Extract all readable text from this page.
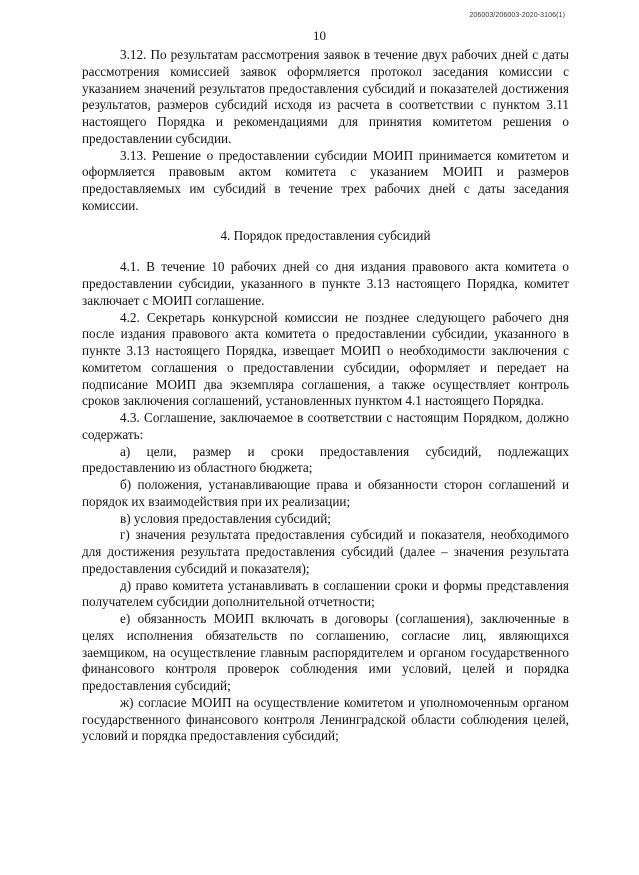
206003/206003-2020-3106(1)
10

3.12. По результатам рассмотрения заявок в течение двух рабочих дней с даты рассмотрения комиссией заявок оформляется протокол заседания комиссии с указанием значений результатов предоставления субсидий и показателей достижения результатов, размеров субсидий исходя из расчета в соответствии с пунктом 3.11 настоящего Порядка и рекомендациями для принятия комитетом решения о предоставлении субсидии.

3.13. Решение о предоставлении субсидии МОИП принимается комитетом и оформляется правовым актом комитета с указанием МОИП и размеров предоставляемых им субсидий в течение трех рабочих дней с даты заседания комиссии.

4. Порядок предоставления субсидий

4.1. В течение 10 рабочих дней со дня издания правового акта комитета о предоставлении субсидии, указанного в пункте 3.13 настоящего Порядка, комитет заключает с МОИП соглашение.

4.2. Секретарь конкурсной комиссии не позднее следующего рабочего дня после издания правового акта комитета о предоставлении субсидии, указанного в пункте 3.13 настоящего Порядка, извещает МОИП о необходимости заключения с комитетом соглашения о предоставлении субсидии, оформляет и передает на подписание МОИП два экземпляра соглашения, а также осуществляет контроль сроков заключения соглашений, установленных пунктом 4.1 настоящего Порядка.

4.3. Соглашение, заключаемое в соответствии с настоящим Порядком, должно содержать:

а) цели, размер и сроки предоставления субсидий, подлежащих предоставлению из областного бюджета;

б) положения, устанавливающие права и обязанности сторон соглашений и порядок их взаимодействия при их реализации;

в) условия предоставления субсидий;

г) значения результата предоставления субсидий и показателя, необходимого для достижения результата предоставления субсидий (далее – значения результата предоставления субсидий и показателя);

д) право комитета устанавливать в соглашении сроки и формы представления получателем субсидии дополнительной отчетности;

е) обязанность МОИП включать в договоры (соглашения), заключенные в целях исполнения обязательств по соглашению, согласие лиц, являющихся заемщиком, на осуществление главным распорядителем и органом государственного финансового контроля проверок соблюдения ими условий, целей и порядка предоставления субсидий;

ж) согласие МОИП на осуществление комитетом и уполномоченным органом государственного финансового контроля Ленинградской области соблюдения целей, условий и порядка предоставления субсидий;
